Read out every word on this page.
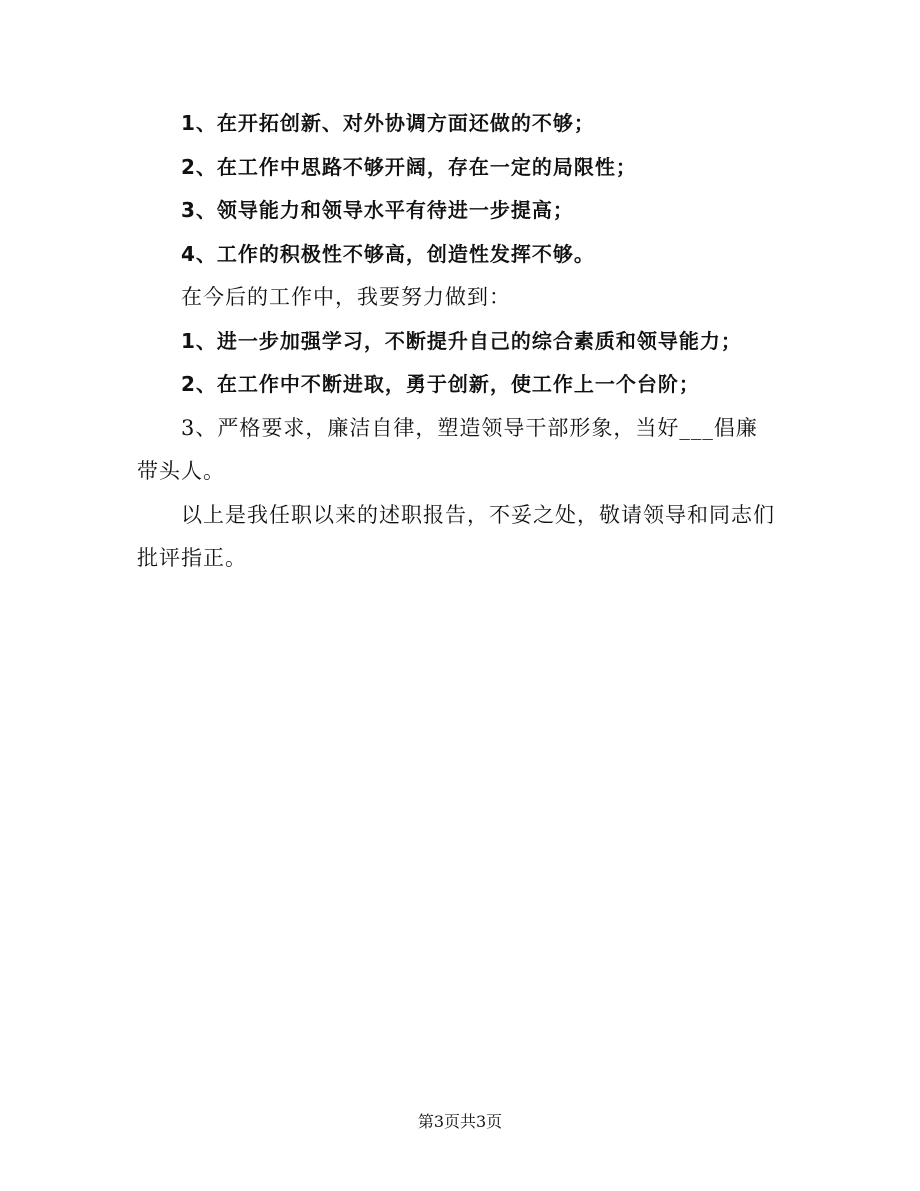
1、在开拓创新、对外协调方面还做的不够；

2、在工作中思路不够开阔，存在一定的局限性；

3、领导能力和领导水平有待进一步提高；

4、工作的积极性不够高，创造性发挥不够。

在今后的工作中，我要努力做到：

1、进一步加强学习，不断提升自己的综合素质和领导能力；

2、在工作中不断进取，勇于创新，使工作上一个台阶；

3、严格要求，廉洁自律，塑造领导干部形象，当好___倡廉带头人。

以上是我任职以来的述职报告，不妥之处，敬请领导和同志们批评指正。

第3页共3页
